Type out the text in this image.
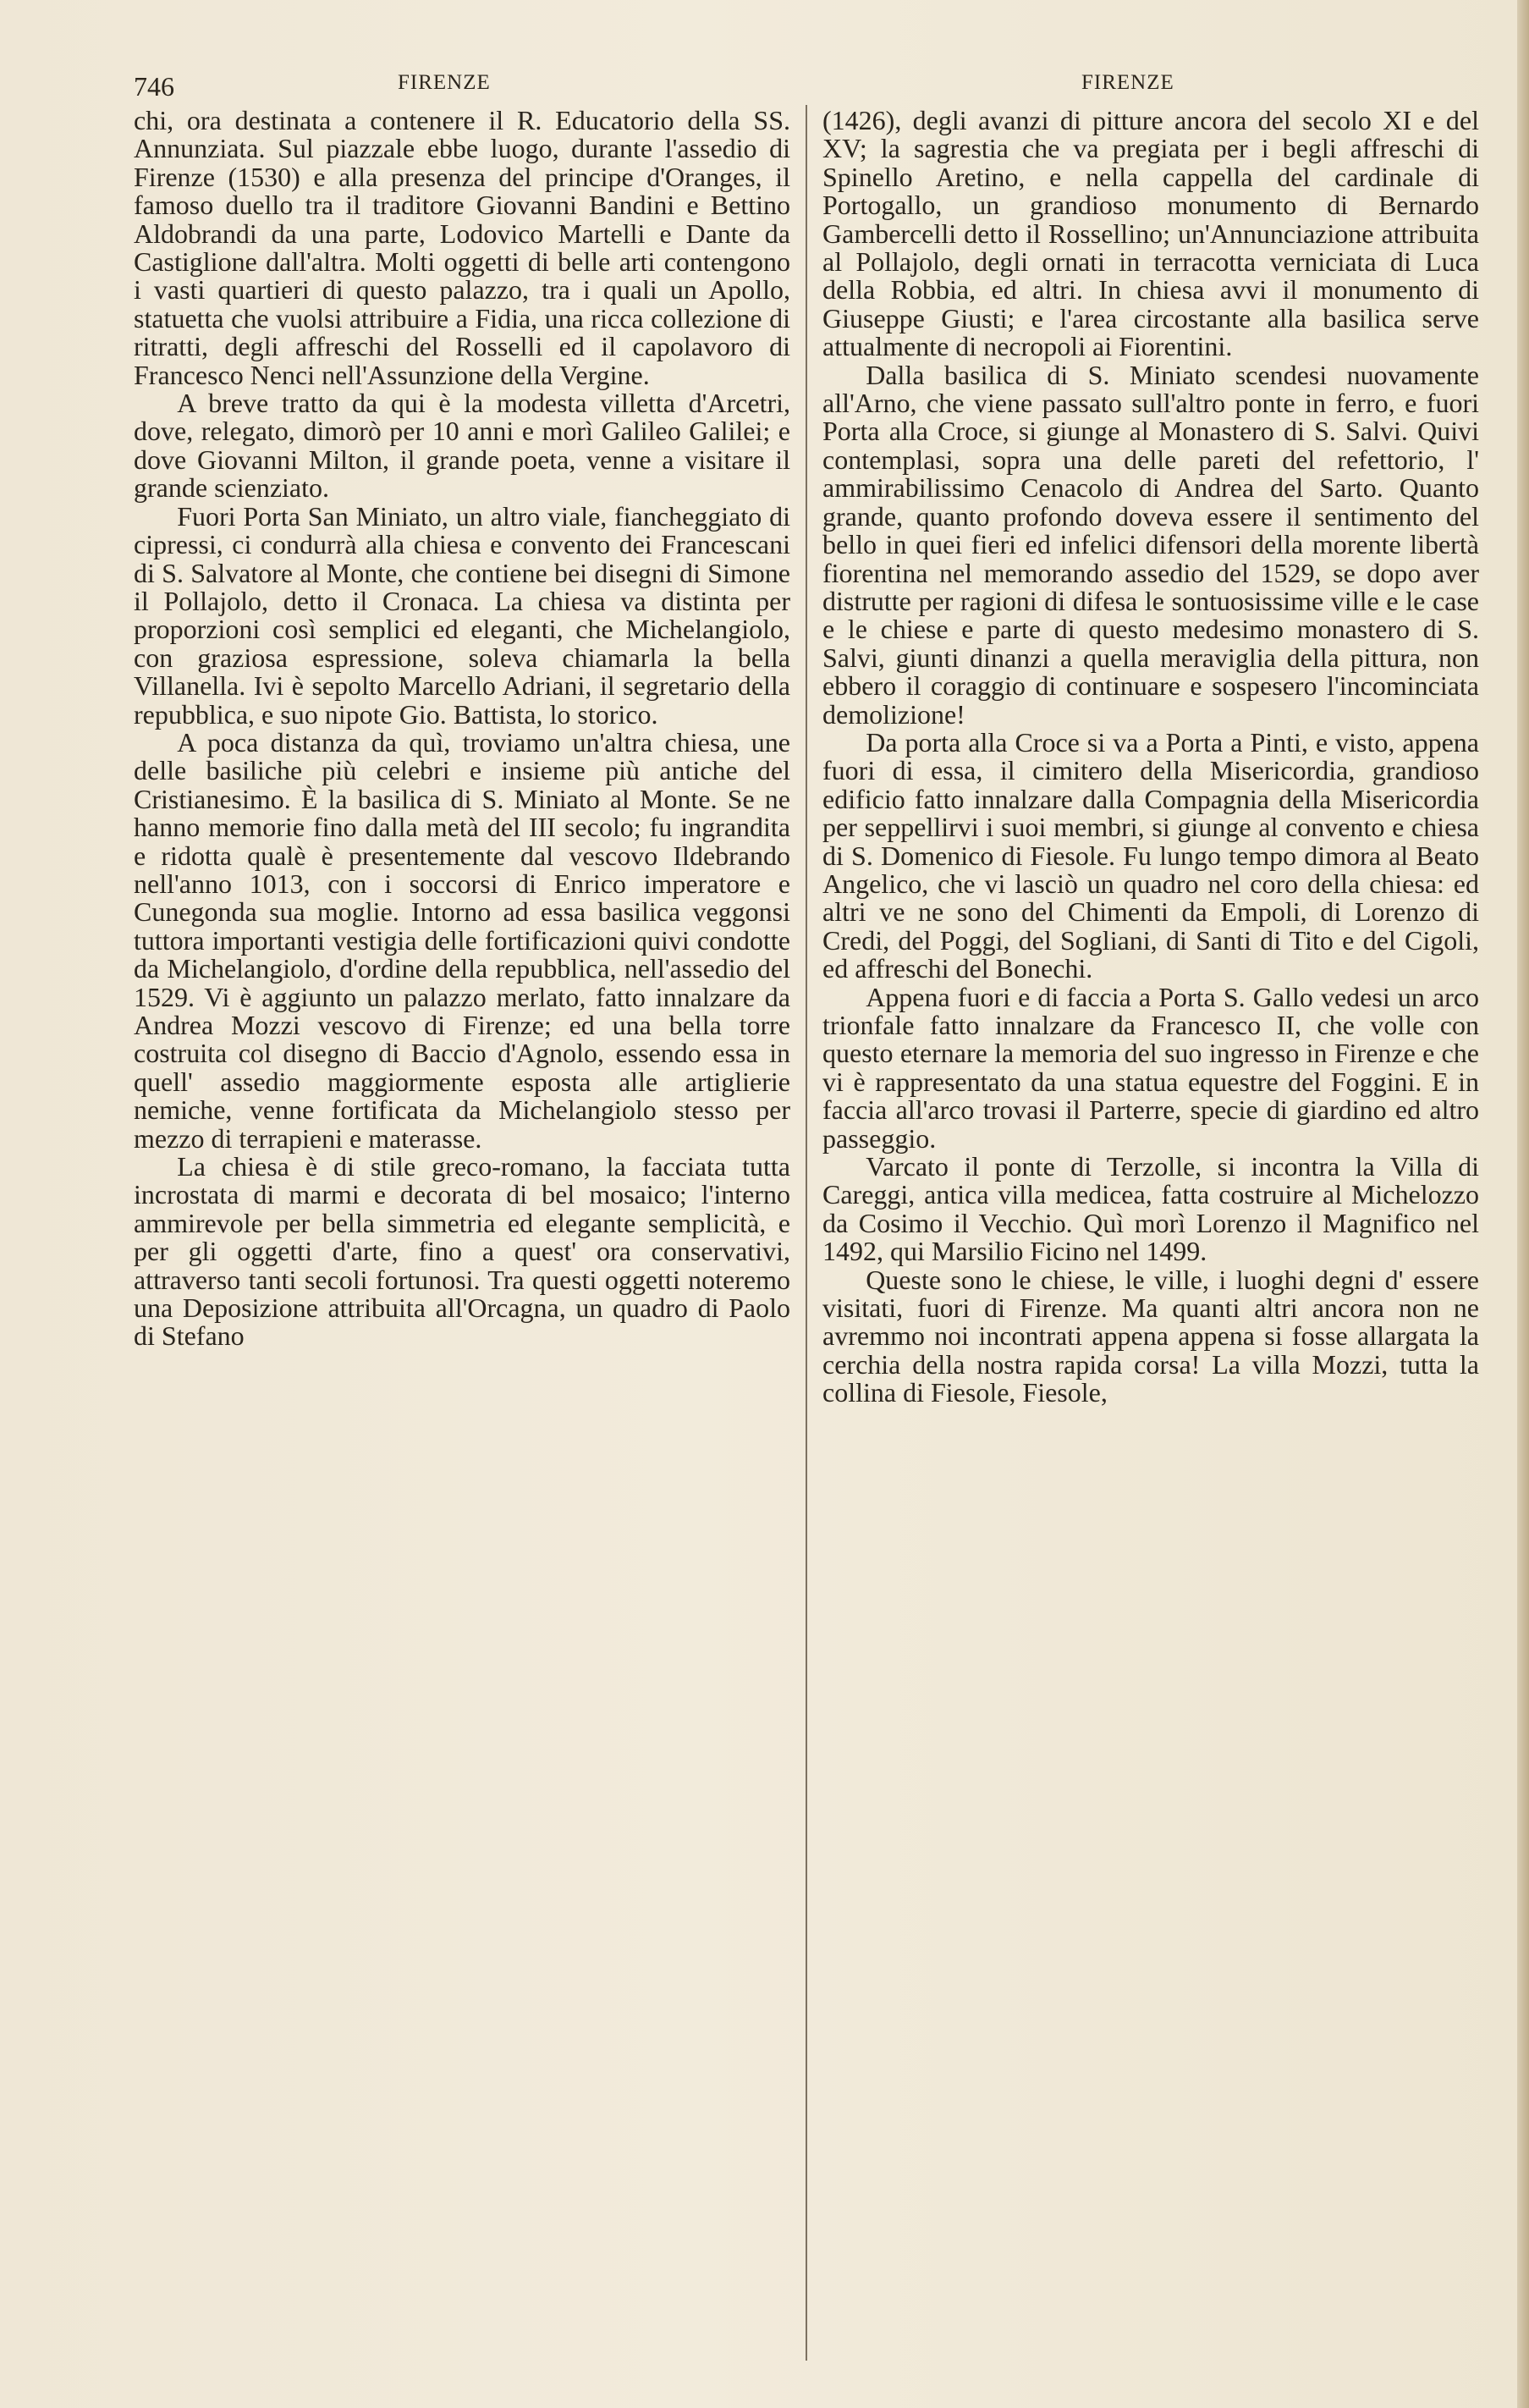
746	FIRENZE	FIRENZE

chi, ora destinata a contenere il R. Educatorio della SS. Annunziata. Sul piazzale ebbe luogo, durante l'assedio di Firenze (1530) e alla presenza del principe d'Oranges, il famoso duello tra il traditore Giovanni Bandini e Bettino Aldobrandi da una parte, Lodovico Martelli e Dante da Castiglione dall'altra. Molti oggetti di belle arti contengono i vasti quartieri di questo palazzo, tra i quali un Apollo, statuetta che vuolsi attribuire a Fidia, una ricca collezione di ritratti, degli affreschi del Rosselli ed il capolavoro di Francesco Nenci nell'Assunzione della Vergine.

A breve tratto da qui è la modesta villetta d'Arcetri, dove, relegato, dimorò per 10 anni e morì Galileo Galilei; e dove Giovanni Milton, il grande poeta, venne a visitare il grande scienziato.

Fuori Porta San Miniato, un altro viale, fiancheggiato di cipressi, ci condurrà alla chiesa e convento dei Francescani di S. Salvatore al Monte, che contiene bei disegni di Simone il Pollajolo, detto il Cronaca. La chiesa va distinta per proporzioni così semplici ed eleganti, che Michelangiolo, con graziosa espressione, soleva chiamarla la bella Villanella. Ivi è sepolto Marcello Adriani, il segretario della repubblica, e suo nipote Gio. Battista, lo storico.

A poca distanza da quì, troviamo un'altra chiesa, une delle basiliche più celebri e insieme più antiche del Cristianesimo. È la basilica di S. Miniato al Monte. Se ne hanno memorie fino dalla metà del III secolo; fu ingrandita e ridotta qualè è presentemente dal vescovo Ildebrando nell'anno 1013, con i soccorsi di Enrico imperatore e Cunegonda sua moglie. Intorno ad essa basilica veggonsi tuttora importanti vestigia delle fortificazioni quivi condotte da Michelangiolo, d'ordine della repubblica, nell'assedio del 1529. Vi è aggiunto un palazzo merlato, fatto innalzare da Andrea Mozzi vescovo di Firenze; ed una bella torre costruita col disegno di Baccio d'Agnolo, essendo essa in quell' assedio maggiormente esposta alle artiglierie nemiche, venne fortificata da Michelangiolo stesso per mezzo di terrapieni e materasse.

La chiesa è di stile greco-romano, la facciata tutta incrostata di marmi e decorata di bel mosaico; l'interno ammirevole per bella simmetria ed elegante semplicità, e per gli oggetti d'arte, fino a quest' ora conservativi, attraverso tanti secoli fortunosi. Tra questi oggetti noteremo una Deposizione attribuita all'Orcagna, un quadro di Paolo di Stefano

(1426), degli avanzi di pitture ancora del secolo XI e del XV; la sagrestia che va pregiata per i begli affreschi di Spinello Aretino, e nella cappella del cardinale di Portogallo, un grandioso monumento di Bernardo Gambercelli detto il Rossellino; un'Annunciazione attribuita al Pollajolo, degli ornati in terracotta verniciata di Luca della Robbia, ed altri. In chiesa avvi il monumento di Giuseppe Giusti; e l'area circostante alla basilica serve attualmente di necropoli ai Fiorentini.

Dalla basilica di S. Miniato scendesi nuovamente all'Arno, che viene passato sull'altro ponte in ferro, e fuori Porta alla Croce, si giunge al Monastero di S. Salvi. Quivi contemplasi, sopra una delle pareti del refettorio, l' ammirabilissimo Cenacolo di Andrea del Sarto. Quanto grande, quanto profondo doveva essere il sentimento del bello in quei fieri ed infelici difensori della morente libertà fiorentina nel memorando assedio del 1529, se dopo aver distrutte per ragioni di difesa le sontuosissime ville e le case e le chiese e parte di questo medesimo monastero di S. Salvi, giunti dinanzi a quella meraviglia della pittura, non ebbero il coraggio di continuare e sospesero l'incominciata demolizione!

Da porta alla Croce si va a Porta a Pinti, e visto, appena fuori di essa, il cimitero della Misericordia, grandioso edificio fatto innalzare dalla Compagnia della Misericordia per seppellirvi i suoi membri, si giunge al convento e chiesa di S. Domenico di Fiesole. Fu lungo tempo dimora al Beato Angelico, che vi lasciò un quadro nel coro della chiesa: ed altri ve ne sono del Chimenti da Empoli, di Lorenzo di Credi, del Poggi, del Sogliani, di Santi di Tito e del Cigoli, ed affreschi del Bonechi.

Appena fuori e di faccia a Porta S. Gallo vedesi un arco trionfale fatto innalzare da Francesco II, che volle con questo eternare la memoria del suo ingresso in Firenze e che vi è rappresentato da una statua equestre del Foggini. E in faccia all'arco trovasi il Parterre, specie di giardino ed altro passeggio.

Varcato il ponte di Terzolle, si incontra la Villa di Careggi, antica villa medicea, fatta costruire al Michelozzo da Cosimo il Vecchio. Quì morì Lorenzo il Magnifico nel 1492, qui Marsilio Ficino nel 1499.

Queste sono le chiese, le ville, i luoghi degni d' essere visitati, fuori di Firenze. Ma quanti altri ancora non ne avremmo noi incontrati appena appena si fosse allargata la cerchia della nostra rapida corsa! La villa Mozzi, tutta la collina di Fiesole, Fiesole,
